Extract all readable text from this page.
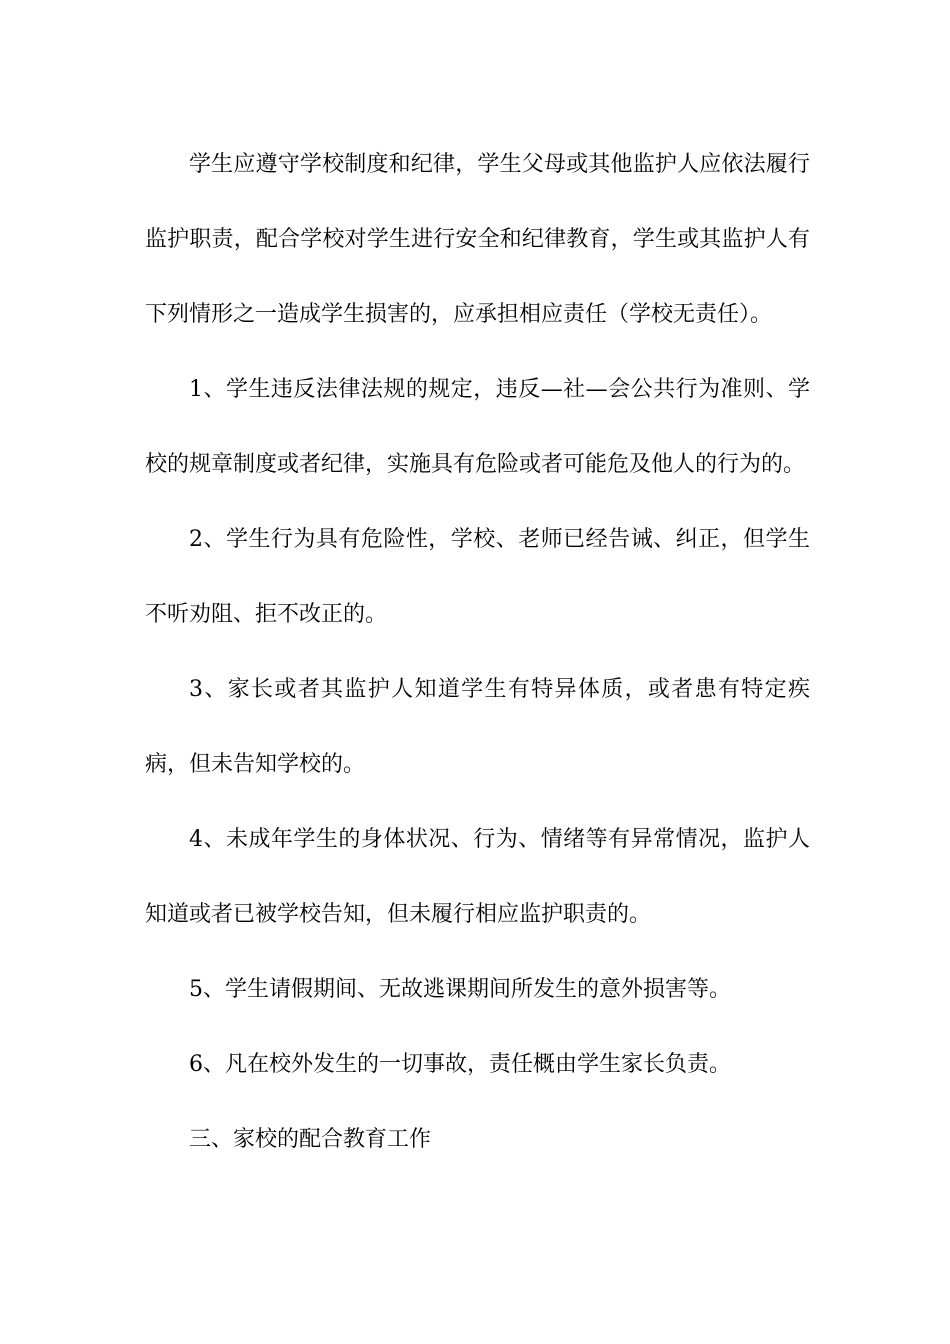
学生应遵守学校制度和纪律，学生父母或其他监护人应依法履行监护职责，配合学校对学生进行安全和纪律教育，学生或其监护人有下列情形之一造成学生损害的，应承担相应责任（学校无责任）。

1、学生违反法律法规的规定，违反—社—会公共行为准则、学校的规章制度或者纪律，实施具有危险或者可能危及他人的行为的。

2、学生行为具有危险性，学校、老师已经告诫、纠正，但学生不听劝阻、拒不改正的。

3、家长或者其监护人知道学生有特异体质，或者患有特定疾病，但未告知学校的。

4、未成年学生的身体状况、行为、情绪等有异常情况，监护人知道或者已被学校告知，但未履行相应监护职责的。

5、学生请假期间、无故逃课期间所发生的意外损害等。

6、凡在校外发生的一切事故，责任概由学生家长负责。

三、家校的配合教育工作
